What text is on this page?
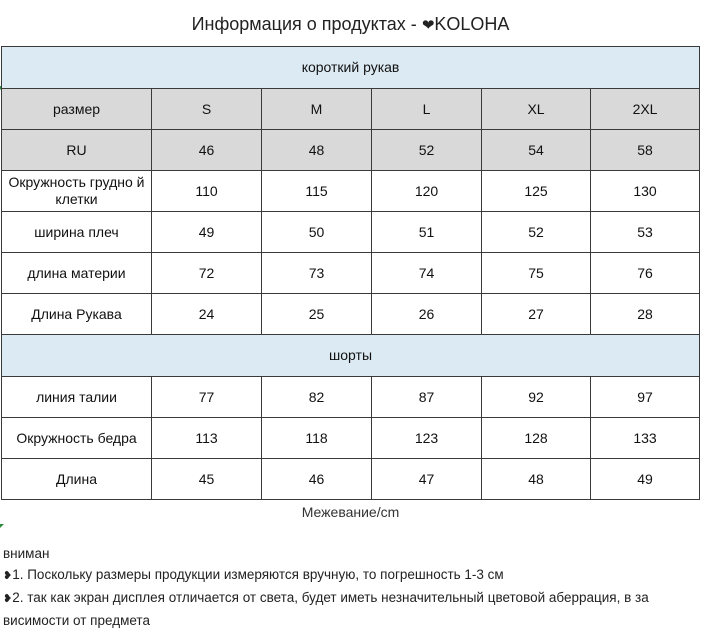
Информация о продуктах - ❤KOLOHA
короткий рукав					
размер	S	M	L	XL	2XL
RU	46	48	52	54	58
Окружность грудно й клетки	110	115	120	125	130
ширина плеч	49	50	51	52	53
длина материи	72	73	74	75	76
Длина Рукава	24	25	26	27	28
шорты					
линия талии	77	82	87	92	97
Окружность бедра	113	118	123	128	133
Длина	45	46	47	48	49
Межевание/cm
вниман
❥1. Поскольку размеры продукции измеряются вручную, то погрешность 1-3 см
❥2. так как экран дисплея отличается от света, будет иметь незначительный цветовой аберрация, в за висимости от предмета
